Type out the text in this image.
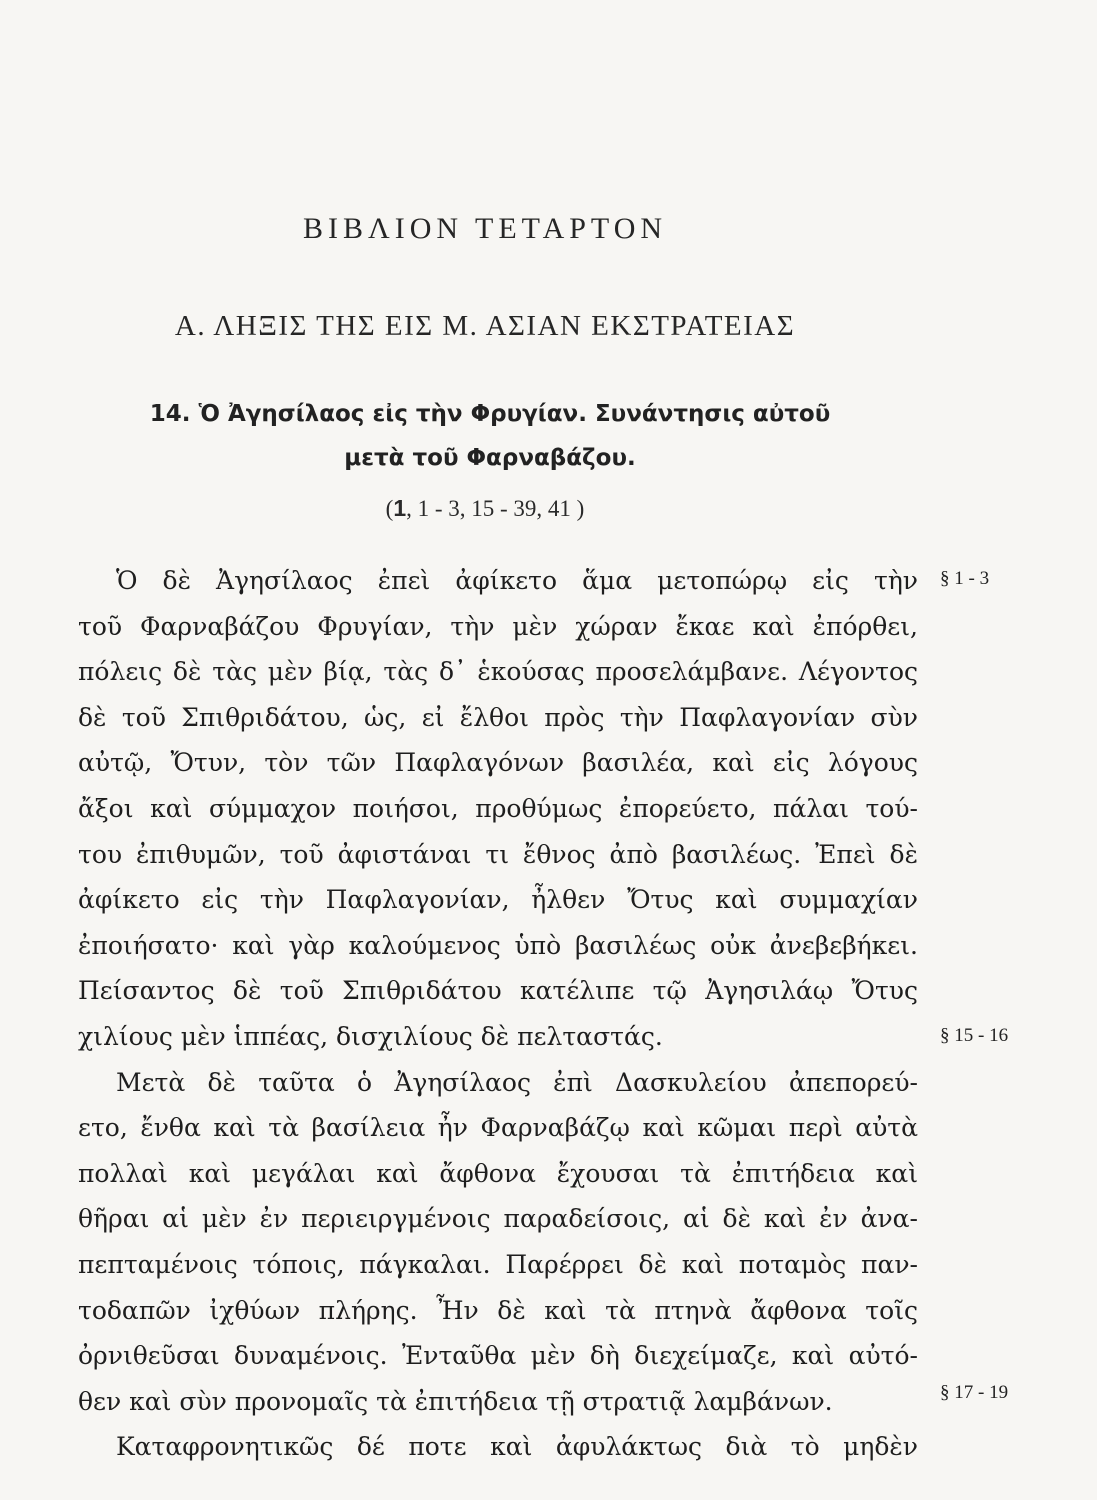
ΒΙΒΛΙΟΝ ΤΕΤΑΡΤΟΝ
Α. ΛΗΞΙΣ ΤΗΣ ΕΙΣ Μ. ΑΣΙΑΝ ΕΚΣΤΡΑΤΕΙΑΣ
14. Ὁ Ἀγησίλαος εἰς τὴν Φρυγίαν. Συνάντησις αὐτοῦ
μετὰ τοῦ Φαρναβάζου.
(1, 1 - 3, 15 - 39, 41 )
Ὁ δὲ Ἀγησίλαος ἐπεὶ ἀφίκετο ἅμα μετοπώρῳ εἰς τὴν
τοῦ Φαρναβάζου Φρυγίαν, τὴν μὲν χώραν ἔκαε καὶ ἐπόρθει,
πόλεις δὲ τὰς μὲν βίᾳ, τὰς δ᾽ ἑκούσας προσελάμβανε. Λέγοντος
δὲ τοῦ Σπιθριδάτου, ὡς, εἰ ἔλθοι πρὸς τὴν Παφλαγονίαν σὺν
αὐτῷ, Ὄτυν, τὸν τῶν Παφλαγόνων βασιλέα, καὶ εἰς λόγους
ἄξοι καὶ σύμμαχον ποιήσοι, προθύμως ἐπορεύετο, πάλαι τού-
του ἐπιθυμῶν, τοῦ ἀφιστάναι τι ἔθνος ἀπὸ βασιλέως. Ἐπεὶ δὲ
ἀφίκετο εἰς τὴν Παφλαγονίαν, ἦλθεν Ὄτυς καὶ συμμαχίαν
ἐποιήσατο· καὶ γὰρ καλούμενος ὑπὸ βασιλέως οὐκ ἀνεβεβήκει.
Πείσαντος δὲ τοῦ Σπιθριδάτου κατέλιπε τῷ Ἀγησιλάῳ Ὄτυς
χιλίους μὲν ἱππέας, δισχιλίους δὲ πελταστάς.
Μετὰ δὲ ταῦτα ὁ Ἀγησίλαος ἐπὶ Δασκυλείου ἀπεπορεύ-
ετο, ἔνθα καὶ τὰ βασίλεια ἦν Φαρναβάζῳ καὶ κῶμαι περὶ αὐτὰ
πολλαὶ καὶ μεγάλαι καὶ ἄφθονα ἔχουσαι τὰ ἐπιτήδεια καὶ
θῆραι αἱ μὲν ἐν περιειργμένοις παραδείσοις, αἱ δὲ καὶ ἐν ἀνα-
πεπταμένοις τόποις, πάγκαλαι. Παρέρρει δὲ καὶ ποταμὸς παν-
τοδαπῶν ἰχθύων πλήρης. Ἦν δὲ καὶ τὰ πτηνὰ ἄφθονα τοῖς
ὀρνιθεῦσαι δυναμένοις. Ἐνταῦθα μὲν δὴ διεχείμαζε, καὶ αὐτό-
θεν καὶ σὺν προνομαῖς τὰ ἐπιτήδεια τῇ στρατιᾷ λαμβάνων.
Καταφρονητικῶς δέ ποτε καὶ ἀφυλάκτως διὰ τὸ μηδὲν
§ 1 - 3
§ 15 - 16
§ 17 - 19
